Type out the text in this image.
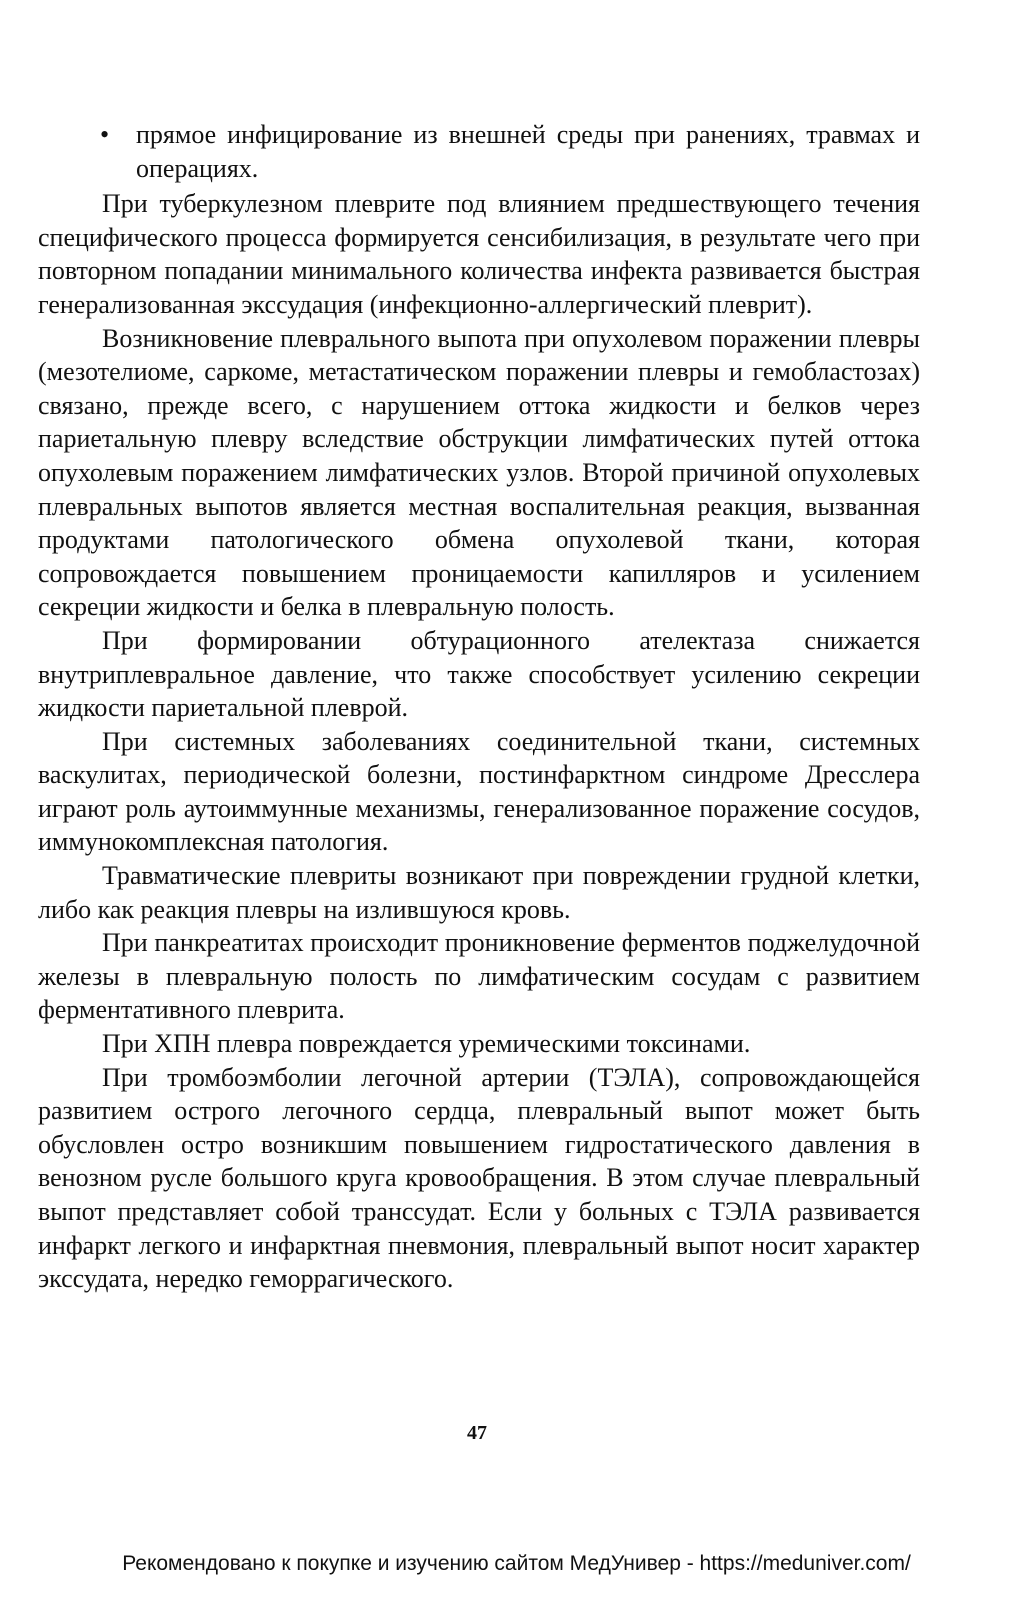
• прямое инфицирование из внешней среды при ранениях, травмах и операциях.

При туберкулезном плеврите под влиянием предшествующего течения специфического процесса формируется сенсибилизация, в результате чего при повторном попадании минимального количества инфекта развивается быстрая генерализованная экссудация (инфекционно-аллергический плеврит).

Возникновение плеврального выпота при опухолевом поражении плевры (мезотелиоме, саркоме, метастатическом поражении плевры и гемобластозах) связано, прежде всего, с нарушением оттока жидкости и белков через париетальную плевру вследствие обструкции лимфатических путей оттока опухолевым поражением лимфатических узлов. Второй причиной опухолевых плевральных выпотов является местная воспалительная реакция, вызванная продуктами патологического обмена опухолевой ткани, которая сопровождается повышением проницаемости капилляров и усилением секреции жидкости и белка в плевральную полость.

При формировании обтурационного ателектаза снижается внутриплевральное давление, что также способствует усилению секреции жидкости париетальной плеврой.

При системных заболеваниях соединительной ткани, системных васкулитах, периодической болезни, постинфарктном синдроме Дресслера играют роль аутоиммунные механизмы, генерализованное поражение сосудов, иммунокомплексная патология.

Травматические плевриты возникают при повреждении грудной клетки, либо как реакция плевры на излившуюся кровь.

При панкреатитах происходит проникновение ферментов поджелудочной железы в плевральную полость по лимфатическим сосудам с развитием ферментативного плеврита.

При ХПН плевра повреждается уремическими токсинами.

При тромбоэмболии легочной артерии (ТЭЛА), сопровождающейся развитием острого легочного сердца, плевральный выпот может быть обусловлен остро возникшим повышением гидростатического давления в венозном русле большого круга кровообращения. В этом случае плевральный выпот представляет собой транссудат. Если у больных с ТЭЛА развивается инфаркт легкого и инфарктная пневмония, плевральный выпот носит характер экссудата, нередко геморрагического.

47
Рекомендовано к покупке и изучению сайтом МедУнивер - https://meduniver.com/
